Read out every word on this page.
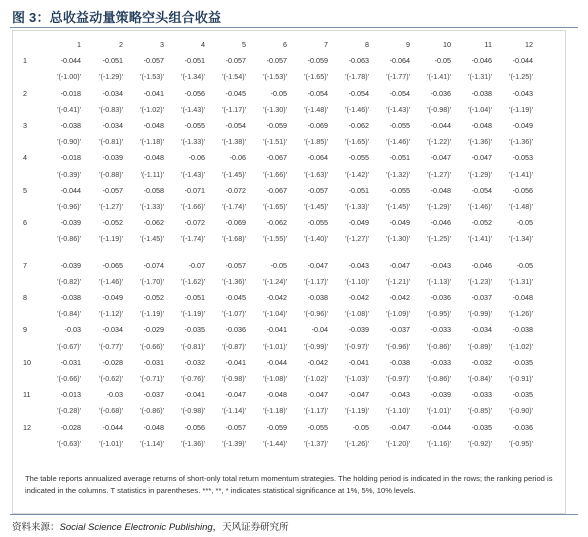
图 3：总收益动量策略空头组合收益
	1	2	3	4	5	6	7	8	9	10	11	12	
1	-0.044	-0.051	-0.057	-0.051	-0.057	-0.057	-0.059	-0.063	-0.064	-0.05	-0.046	-0.044	
	'(-1.00)'	'(-1.29)'	'(-1.53)'	'(-1.34)'	'(-1.54)'	'(-1.53)'	'(-1.65)'	'(-1.78)'	'(-1.77)'	'(-1.41)'	'(-1.31)'	'(-1.25)'	
2	-0.018	-0.034	-0.041	-0.056	-0.045	-0.05	-0.054	-0.054	-0.054	-0.036	-0.038	-0.043	
	'(-0.41)'	'(-0.83)'	'(-1.02)'	'(-1.43)'	'(-1.17)'	'(-1.30)'	'(-1.48)'	'(-1.46)'	'(-1.43)'	'(-0.98)'	'(-1.04)'	'(-1.19)'	
3	-0.038	-0.034	-0.048	-0.055	-0.054	-0.059	-0.069	-0.062	-0.055	-0.044	-0.048	-0.049	
	'(-0.90)'	'(-0.81)'	'(-1.18)'	'(-1.33)'	'(-1.38)'	'(-1.51)'	'(-1.85)'	'(-1.65)'	'(-1.46)'	'(-1.22)'	'(-1.36)'	'(-1.36)'	
4	-0.018	-0.039	-0.048	-0.06	-0.06	-0.067	-0.064	-0.055	-0.051	-0.047	-0.047	-0.053	
	'(-0.39)'	'(-0.88)'	'(-1.11)'	'(-1.43)'	'(-1.45)'	'(-1.66)'	'(-1.63)'	'(-1.42)'	'(-1.32)'	'(-1.27)'	'(-1.29)'	'(-1.41)'	
5	-0.044	-0.057	-0.058	-0.071	-0.072	-0.067	-0.057	-0.051	-0.055	-0.048	-0.054	-0.056	
	'(-0.96)'	'(-1.27)'	'(-1.33)'	'(-1.66)'	'(-1.74)'	'(-1.65)'	'(-1.45)'	'(-1.33)'	'(-1.45)'	'(-1.29)'	'(-1.46)'	'(-1.48)'	
6	-0.039	-0.052	-0.062	-0.072	-0.069	-0.062	-0.055	-0.049	-0.049	-0.046	-0.052	-0.05	
	'(-0.86)'	'(-1.19)'	'(-1.45)'	'(-1.74)'	'(-1.68)'	'(-1.55)'	'(-1.40)'	'(-1.27)'	'(-1.30)'	'(-1.25)'	'(-1.41)'	'(-1.34)'	

7	-0.039	-0.065	-0.074	-0.07	-0.057	-0.05	-0.047	-0.043	-0.047	-0.043	-0.046	-0.05	
	'(-0.82)'	'(-1.46)'	'(-1.70)'	'(-1.62)'	'(-1.36)'	'(-1.24)'	'(-1.17)'	'(-1.10)'	'(-1.21)'	'(-1.13)'	'(-1.23)'	'(-1.31)'	
8	-0.038	-0.049	-0.052	-0.051	-0.045	-0.042	-0.038	-0.042	-0.042	-0.036	-0.037	-0.048	
	'(-0.84)'	'(-1.12)'	'(-1.19)'	'(-1.19)'	'(-1.07)'	'(-1.04)'	'(-0.96)'	'(-1.08)'	'(-1.09)'	'(-0.95)'	'(-0.99)'	'(-1.26)'	
9	-0.03	-0.034	-0.029	-0.035	-0.036	-0.041	-0.04	-0.039	-0.037	-0.033	-0.034	-0.038	
	'(-0.67)'	'(-0.77)'	'(-0.66)'	'(-0.81)'	'(-0.87)'	'(-1.01)'	'(-0.99)'	'(-0.97)'	'(-0.96)'	'(-0.86)'	'(-0.89)'	'(-1.02)'	
10	-0.031	-0.028	-0.031	-0.032	-0.041	-0.044	-0.042	-0.041	-0.038	-0.033	-0.032	-0.035	
	'(-0.66)'	'(-0.62)'	'(-0.71)'	'(-0.76)'	'(-0.98)'	'(-1.08)'	'(-1.02)'	'(-1.03)'	'(-0.97)'	'(-0.86)'	'(-0.84)'	'(-0.91)'	
11	-0.013	-0.03	-0.037	-0.041	-0.047	-0.048	-0.047	-0.047	-0.043	-0.039	-0.033	-0.035	
	'(-0.28)'	'(-0.68)'	'(-0.86)'	'(-0.98)'	'(-1.14)'	'(-1.18)'	'(-1.17)'	'(-1.19)'	'(-1.10)'	'(-1.01)'	'(-0.85)'	'(-0.90)'	
12	-0.028	-0.044	-0.048	-0.056	-0.057	-0.059	-0.055	-0.05	-0.047	-0.044	-0.035	-0.036	
	'(-0.63)'	'(-1.01)'	'(-1.14)'	'(-1.36)'	'(-1.39)'	'(-1.44)'	'(-1.37)'	'(-1.26)'	'(-1.20)'	'(-1.16)'	'(-0.92)'	'(-0.95)'	
The table reports annualized average returns of short-only total return momentum strategies. The holding period is indicated in the rows; the ranking period is indicated in the columns. T statistics in parentheses. ***, **, * indicates statistical significance at 1%, 5%, 10% levels.
资料来源：Social Science Electronic Publishing，天风证券研究所
